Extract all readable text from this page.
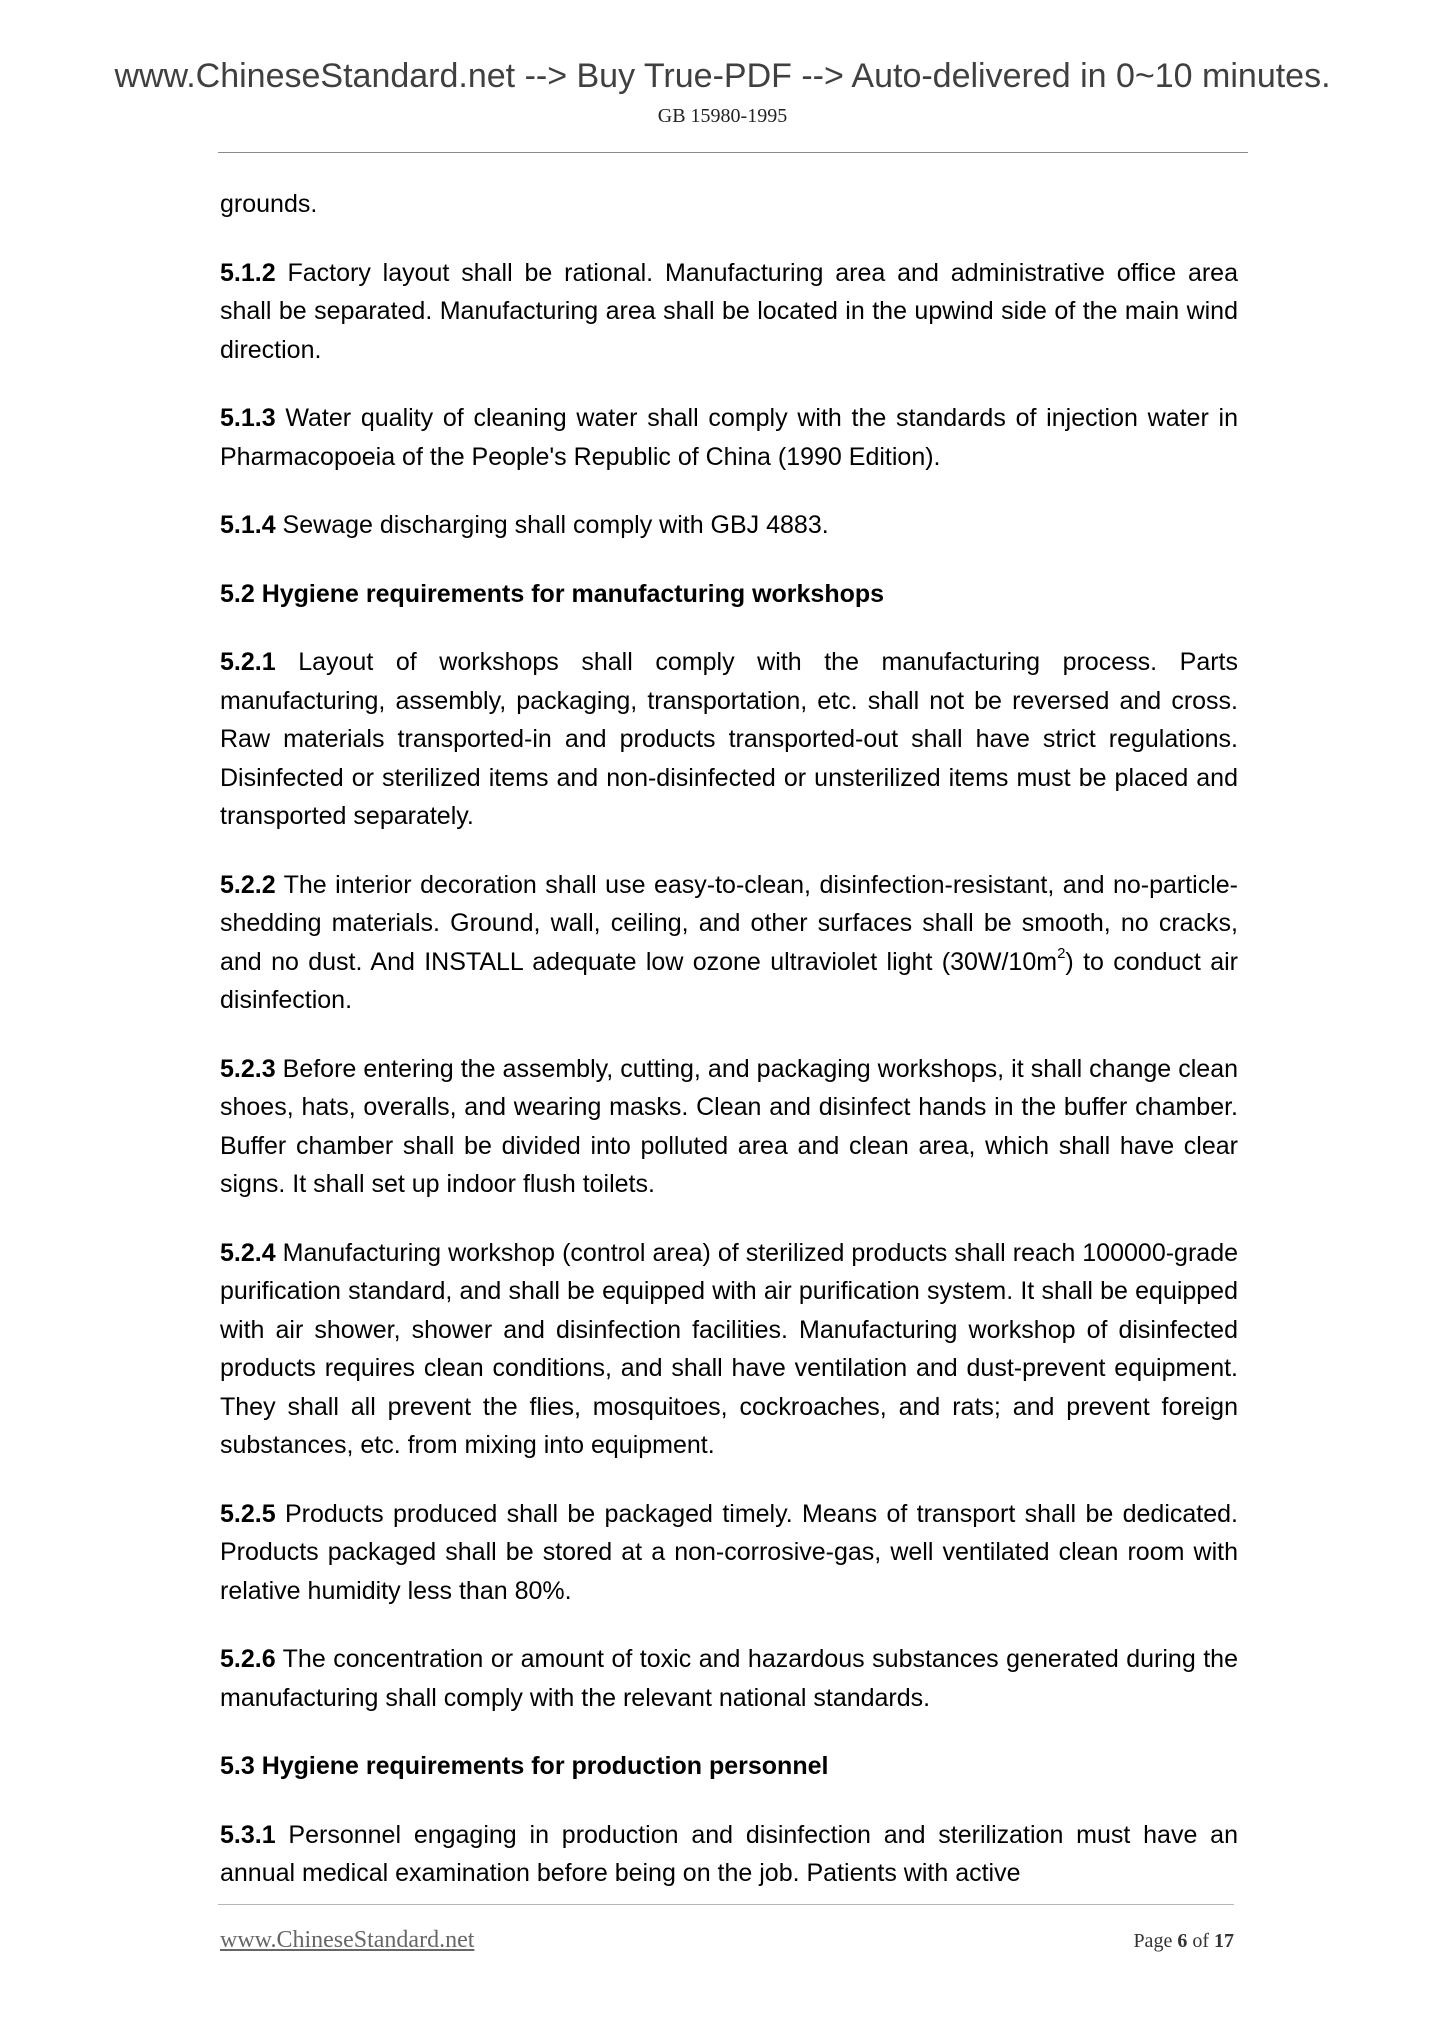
www.ChineseStandard.net --> Buy True-PDF --> Auto-delivered in 0~10 minutes.
GB 15980-1995

grounds.

5.1.2 Factory layout shall be rational. Manufacturing area and administrative office area shall be separated. Manufacturing area shall be located in the upwind side of the main wind direction.

5.1.3 Water quality of cleaning water shall comply with the standards of injection water in Pharmacopoeia of the People's Republic of China (1990 Edition).

5.1.4 Sewage discharging shall comply with GBJ 4883.

5.2 Hygiene requirements for manufacturing workshops

5.2.1 Layout of workshops shall comply with the manufacturing process. Parts manufacturing, assembly, packaging, transportation, etc. shall not be reversed and cross. Raw materials transported-in and products transported-out shall have strict regulations. Disinfected or sterilized items and non-disinfected or unsterilized items must be placed and transported separately.

5.2.2 The interior decoration shall use easy-to-clean, disinfection-resistant, and no-particle-shedding materials. Ground, wall, ceiling, and other surfaces shall be smooth, no cracks, and no dust. And INSTALL adequate low ozone ultraviolet light $(30W/10m^2)$ to conduct air disinfection.

5.2.3 Before entering the assembly, cutting, and packaging workshops, it shall change clean shoes, hats, overalls, and wearing masks. Clean and disinfect hands in the buffer chamber. Buffer chamber shall be divided into polluted area and clean area, which shall have clear signs. It shall set up indoor flush toilets.

5.2.4 Manufacturing workshop (control area) of sterilized products shall reach 100000-grade purification standard, and shall be equipped with air purification system. It shall be equipped with air shower, shower and disinfection facilities. Manufacturing workshop of disinfected products requires clean conditions, and shall have ventilation and dust-prevent equipment. They shall all prevent the flies, mosquitoes, cockroaches, and rats; and prevent foreign substances, etc. from mixing into equipment.

5.2.5 Products produced shall be packaged timely. Means of transport shall be dedicated. Products packaged shall be stored at a non-corrosive-gas, well ventilated clean room with relative humidity less than 80%.

5.2.6 The concentration or amount of toxic and hazardous substances generated during the manufacturing shall comply with the relevant national standards.

5.3 Hygiene requirements for production personnel

5.3.1 Personnel engaging in production and disinfection and sterilization must have an annual medical examination before being on the job. Patients with active

www.ChineseStandard.net	Page 6 of 17
